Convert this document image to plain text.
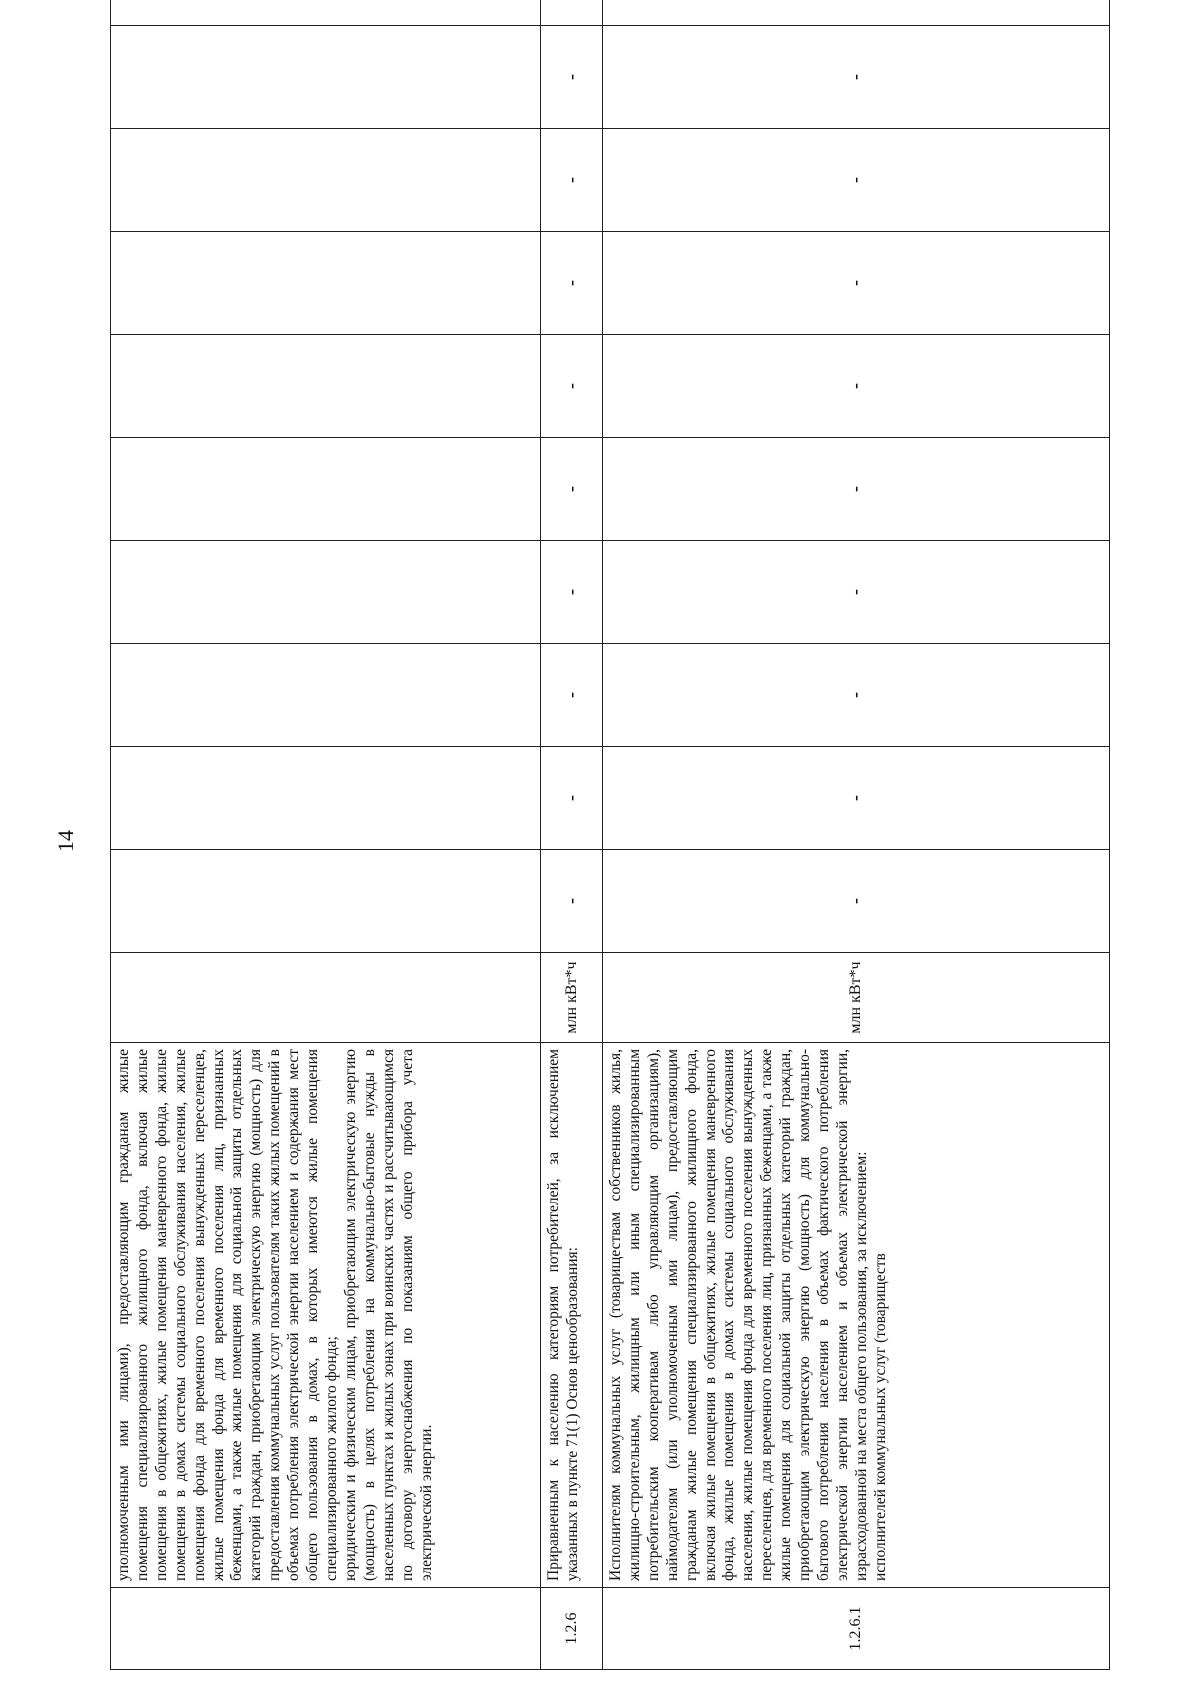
14

	уполномоченным ими лицами), предоставляющим гражданам жилые помещения специализированного жилищного фонда, включая жилые помещения в общежитиях, жилые помещения маневренного фонда, жилые помещения в домах системы социального обслуживания населения, жилые помещения фонда для временного поселения вынужденных переселенцев, жилые помещения фонда для временного поселения лиц, признанных беженцами, а также жилые помещения для социальной защиты отдельных категорий граждан, приобретающим электрическую энергию (мощность) для предоставления коммунальных услуг пользователям таких жилых помещений в объемах потребления электрической энергии населением и содержания мест общего пользования в домах, в которых имеются жилые помещения специализированного жилого фонда; юридическим и физическим лицам, приобретающим электрическую энергию (мощность) в целях потребления на коммунально-бытовые нужды в населенных пунктах и жилых зонах при воинских частях и рассчитывающимся по договору энергоснабжения по показаниям общего прибора учета электрической энергии.											

1.2.6	Приравненным к населению категориям потребителей, за исключением указанных в пункте 71(1) Основ ценообразования:	млн кВт*ч	-	-	-	-	-	-	-	-	-	
1.2.6.1	Исполнителям коммунальных услуг (товариществам собственников жилья, жилищно-строительным, жилищным или иным специализированным потребительским кооперативам либо управляющим организациям), наймодателям (или уполномоченным ими лицам), предоставляющим гражданам жилые помещения специализированного жилищного фонда, включая жилые помещения в общежитиях, жилые помещения маневренного фонда, жилые помещения в домах системы социального обслуживания населения, жилые помещения фонда для временного поселения вынужденных переселенцев, для временного поселения лиц, признанных беженцами, а также жилые помещения для социальной защиты отдельных категорий граждан, приобретающим электрическую энергию (мощность) для коммунально-бытового потребления населения в объемах фактического потребления электрической энергии населением и объемах электрической энергии, израсходованной на места общего пользования, за исключением: исполнителей коммунальных услуг (товариществ	млн кВт*ч	-	-	-	-	-	-	-	-	-	
